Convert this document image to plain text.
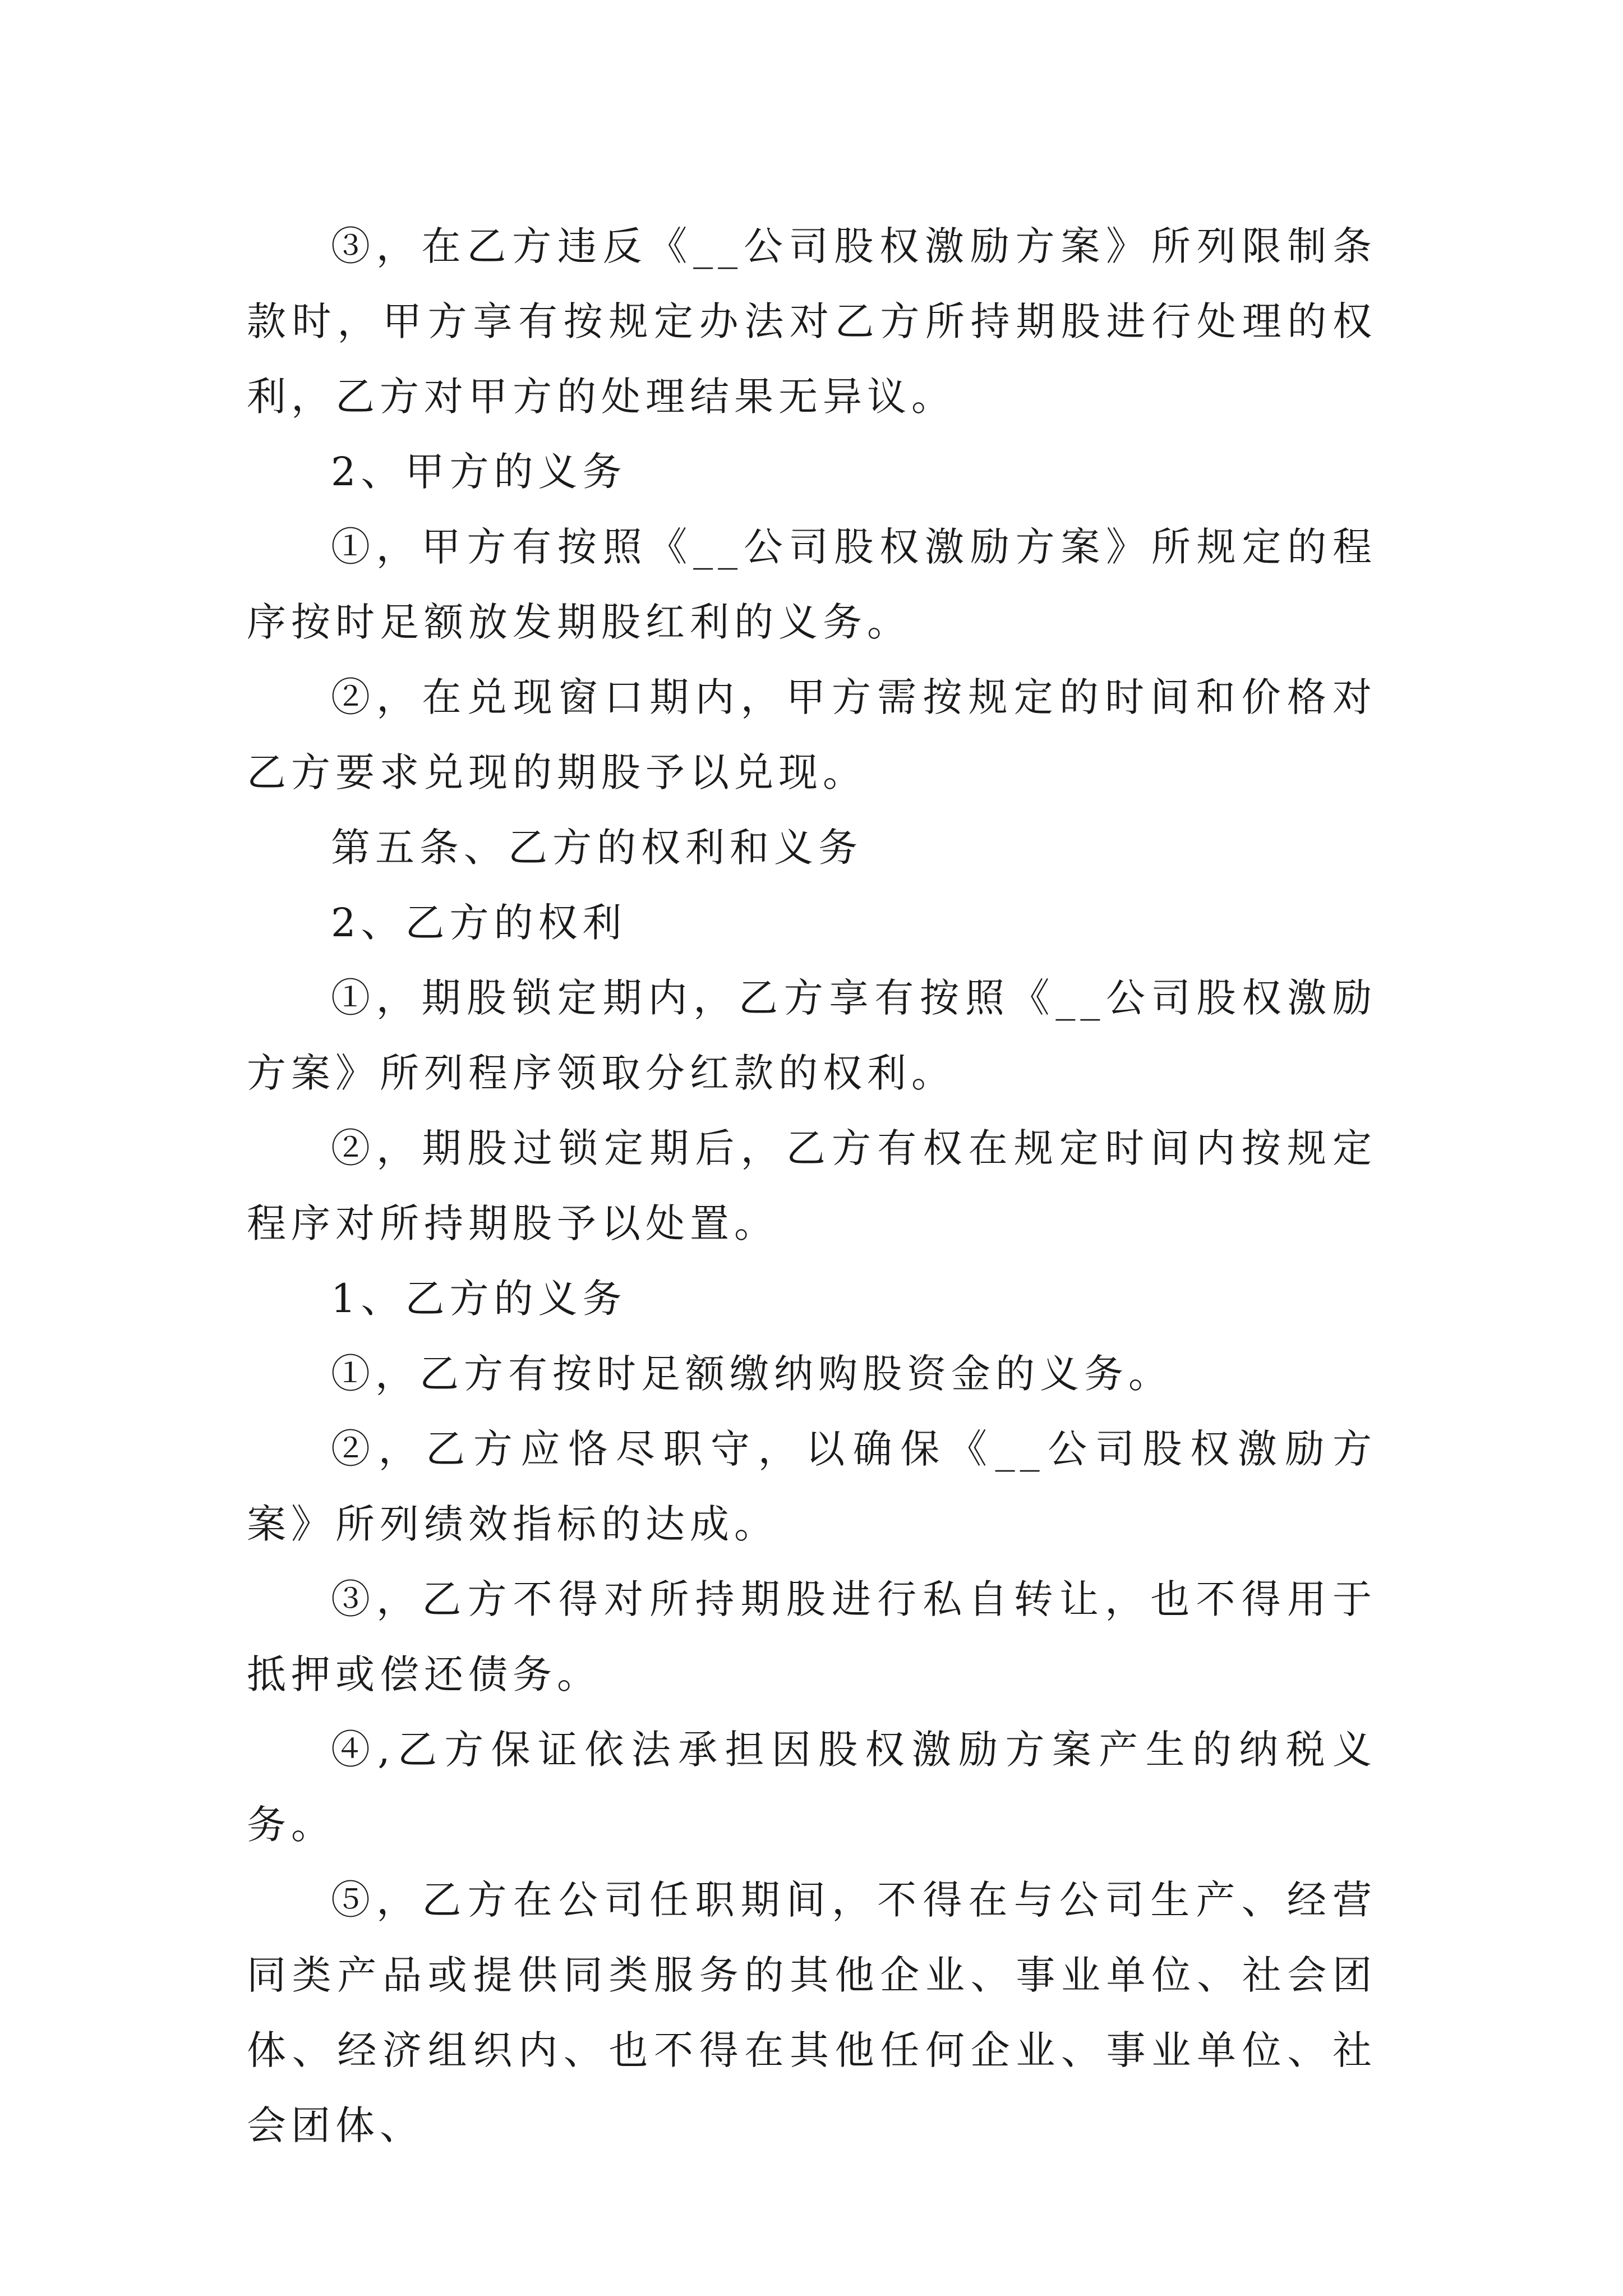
③，在乙方违反《__公司股权激励方案》所列限制条款时，甲方享有按规定办法对乙方所持期股进行处理的权利，乙方对甲方的处理结果无异议。

2、甲方的义务

①，甲方有按照《__公司股权激励方案》所规定的程序按时足额放发期股红利的义务。

②，在兑现窗口期内，甲方需按规定的时间和价格对乙方要求兑现的期股予以兑现。

第五条、乙方的权利和义务

2、乙方的权利

①，期股锁定期内，乙方享有按照《__公司股权激励方案》所列程序领取分红款的权利。

②，期股过锁定期后，乙方有权在规定时间内按规定程序对所持期股予以处置。

1、乙方的义务

①，乙方有按时足额缴纳购股资金的义务。

②，乙方应恪尽职守，以确保《__公司股权激励方案》所列绩效指标的达成。

③，乙方不得对所持期股进行私自转让，也不得用于抵押或偿还债务。

④,乙方保证依法承担因股权激励方案产生的纳税义务。

⑤，乙方在公司任职期间，不得在与公司生产、经营同类产品或提供同类服务的其他企业、事业单位、社会团体、经济组织内、也不得在其他任何企业、事业单位、社会团体、
